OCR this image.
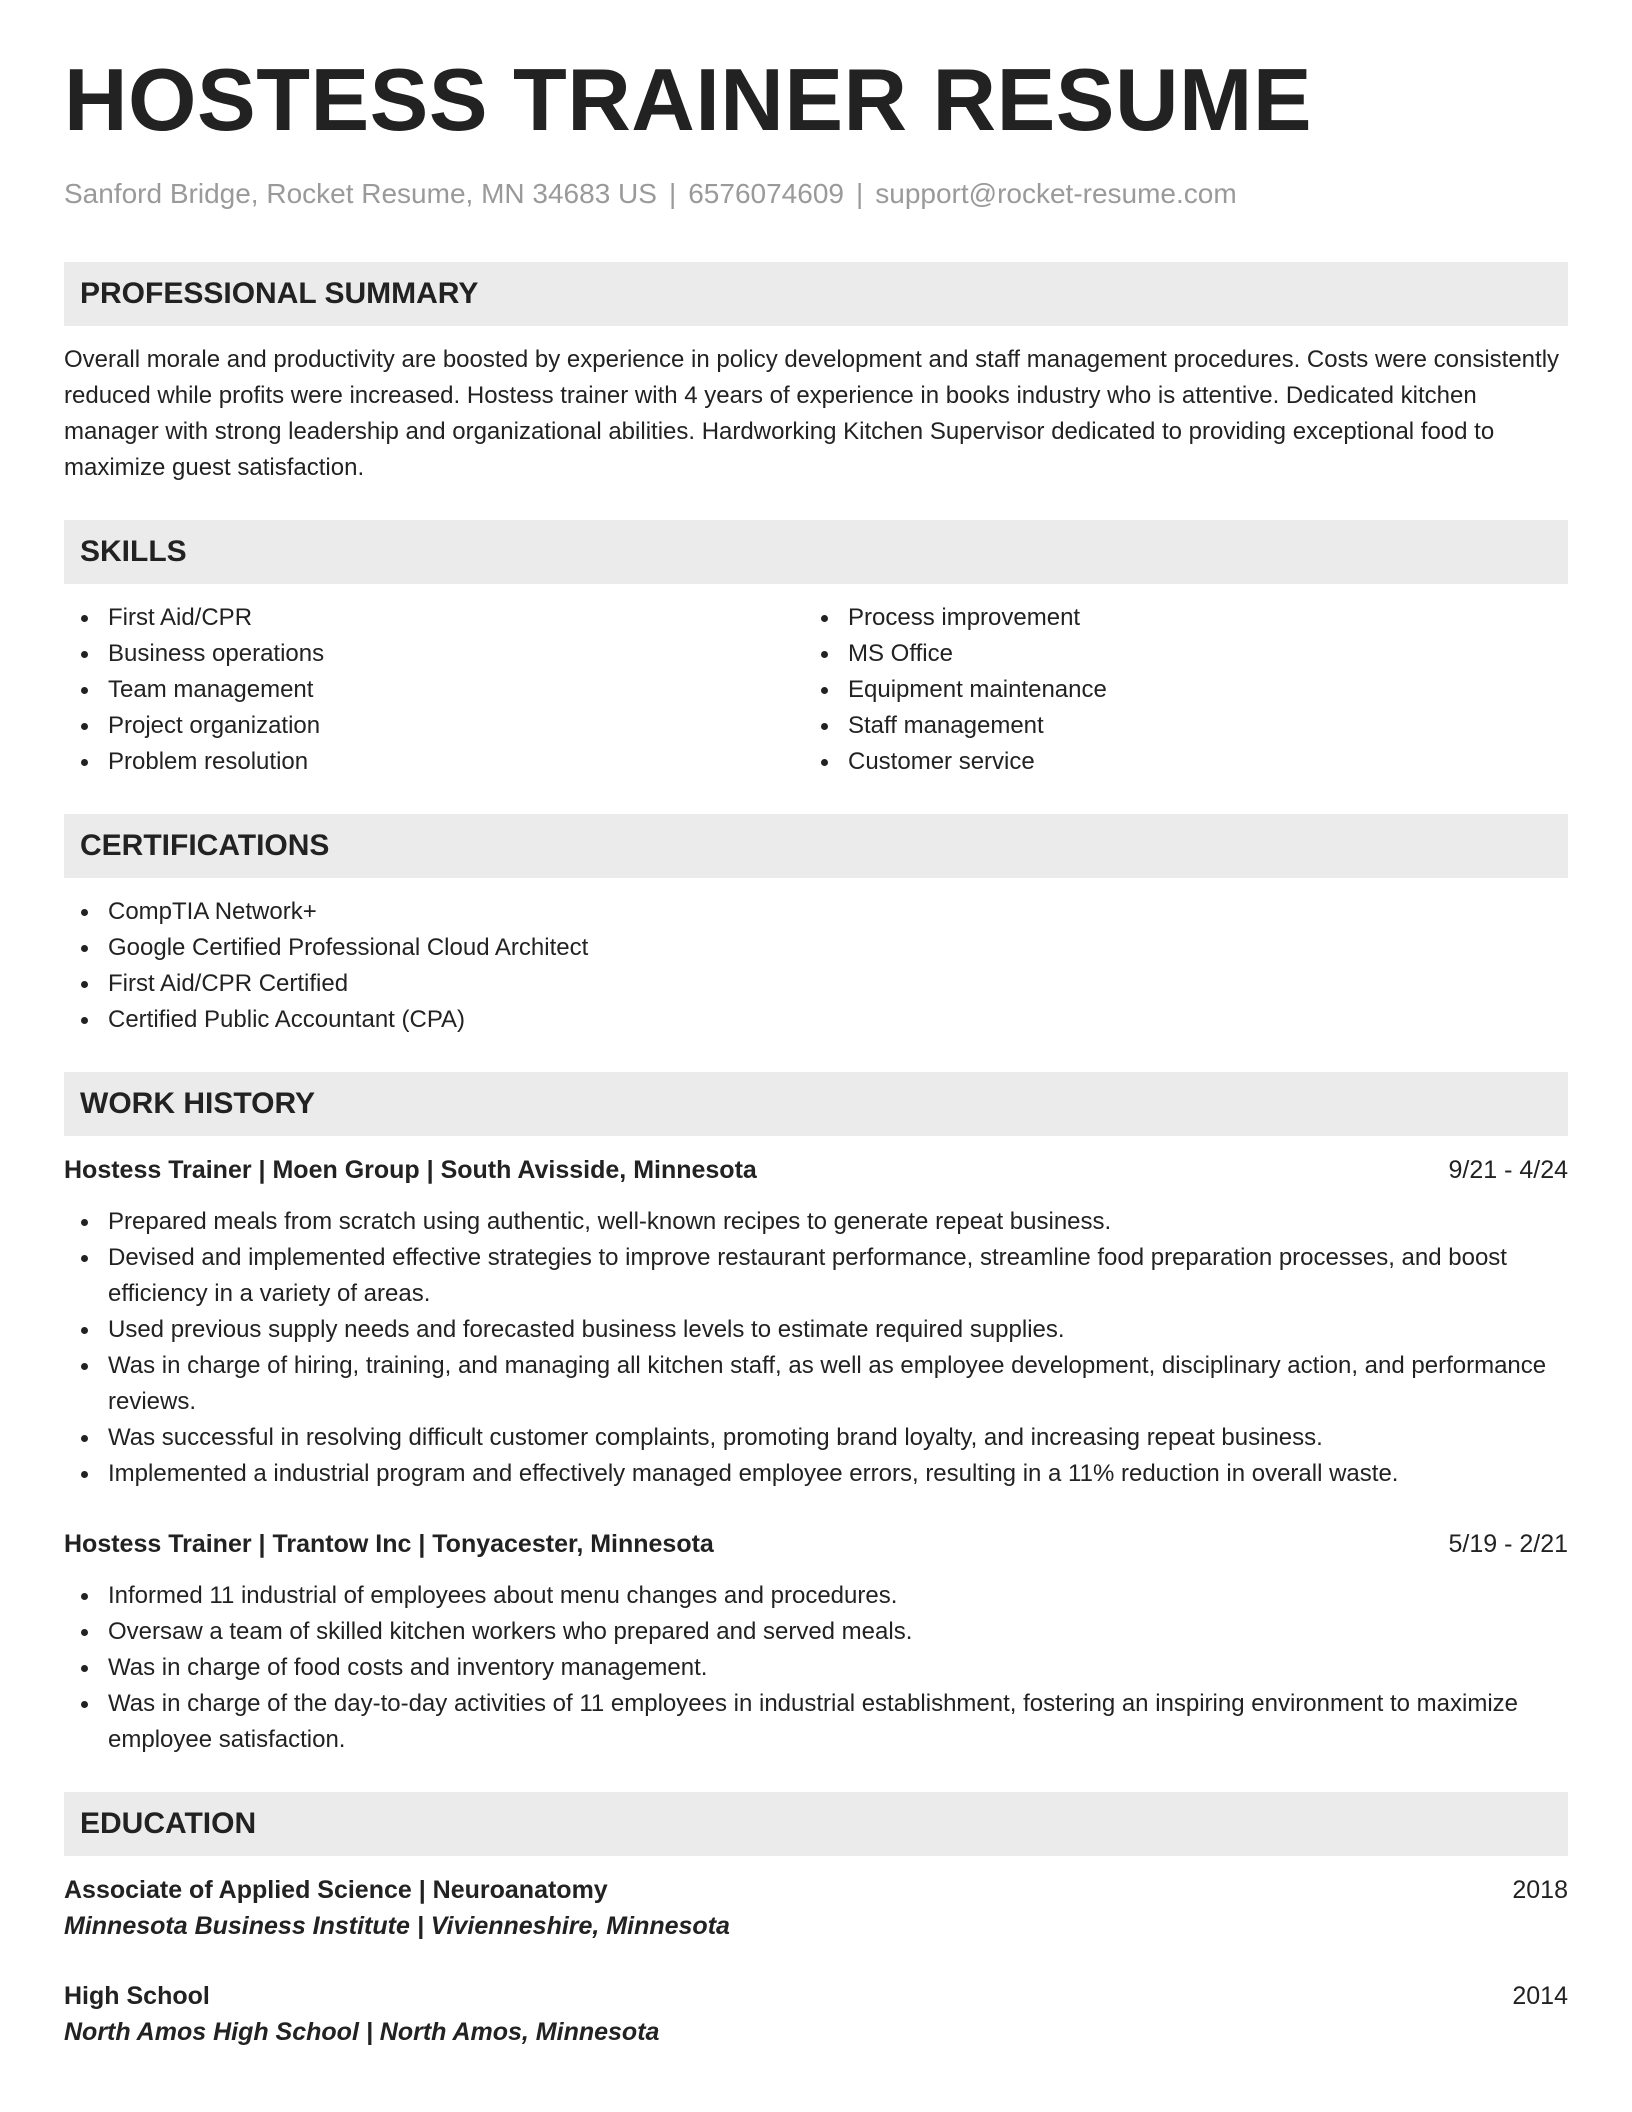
HOSTESS TRAINER RESUME
Sanford Bridge, Rocket Resume, MN 34683 US | 6576074609 | support@rocket-resume.com
PROFESSIONAL SUMMARY
Overall morale and productivity are boosted by experience in policy development and staff management procedures. Costs were consistently reduced while profits were increased. Hostess trainer with 4 years of experience in books industry who is attentive. Dedicated kitchen manager with strong leadership and organizational abilities. Hardworking Kitchen Supervisor dedicated to providing exceptional food to maximize guest satisfaction.
SKILLS
First Aid/CPR
Business operations
Team management
Project organization
Problem resolution
Process improvement
MS Office
Equipment maintenance
Staff management
Customer service
CERTIFICATIONS
CompTIA Network+
Google Certified Professional Cloud Architect
First Aid/CPR Certified
Certified Public Accountant (CPA)
WORK HISTORY
Hostess Trainer | Moen Group | South Avisside, Minnesota	9/21 - 4/24
Prepared meals from scratch using authentic, well-known recipes to generate repeat business.
Devised and implemented effective strategies to improve restaurant performance, streamline food preparation processes, and boost efficiency in a variety of areas.
Used previous supply needs and forecasted business levels to estimate required supplies.
Was in charge of hiring, training, and managing all kitchen staff, as well as employee development, disciplinary action, and performance reviews.
Was successful in resolving difficult customer complaints, promoting brand loyalty, and increasing repeat business.
Implemented a industrial program and effectively managed employee errors, resulting in a 11% reduction in overall waste.
Hostess Trainer | Trantow Inc | Tonyacester, Minnesota	5/19 - 2/21
Informed 11 industrial of employees about menu changes and procedures.
Oversaw a team of skilled kitchen workers who prepared and served meals.
Was in charge of food costs and inventory management.
Was in charge of the day-to-day activities of 11 employees in industrial establishment, fostering an inspiring environment to maximize employee satisfaction.
EDUCATION
Associate of Applied Science | Neuroanatomy	2018
Minnesota Business Institute | Vivienneshire, Minnesota
High School	2014
North Amos High School | North Amos, Minnesota
